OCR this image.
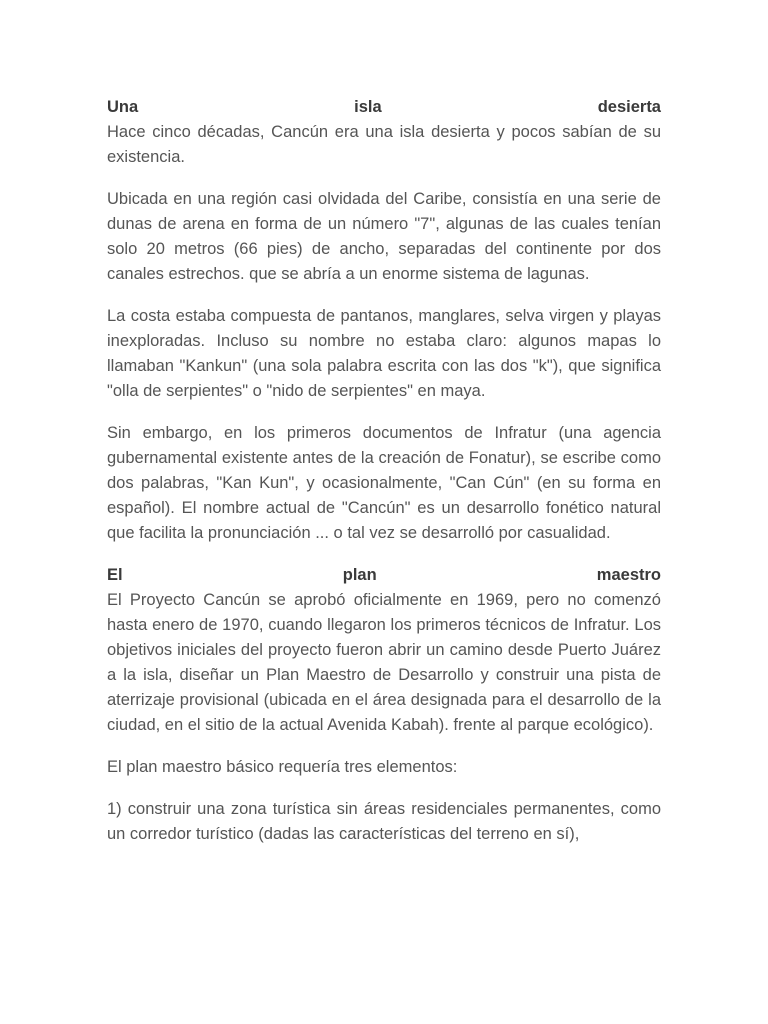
Una	isla	desierta

Hace cinco décadas, Cancún era una isla desierta y pocos sabían de su existencia.

Ubicada en una región casi olvidada del Caribe, consistía en una serie de dunas de arena en forma de un número "7", algunas de las cuales tenían solo 20 metros (66 pies) de ancho, separadas del continente por dos canales estrechos. que se abría a un enorme sistema de lagunas.

La costa estaba compuesta de pantanos, manglares, selva virgen y playas inexploradas. Incluso su nombre no estaba claro: algunos mapas lo llamaban "Kankun" (una sola palabra escrita con las dos "k"), que significa "olla de serpientes" o "nido de serpientes" en maya.

Sin embargo, en los primeros documentos de Infratur (una agencia gubernamental existente antes de la creación de Fonatur), se escribe como dos palabras, "Kan Kun", y ocasionalmente, "Can Cún" (en su forma en español). El nombre actual de "Cancún" es un desarrollo fonético natural que facilita la pronunciación ... o tal vez se desarrolló por casualidad.

El	plan	maestro

El Proyecto Cancún se aprobó oficialmente en 1969, pero no comenzó hasta enero de 1970, cuando llegaron los primeros técnicos de Infratur. Los objetivos iniciales del proyecto fueron abrir un camino desde Puerto Juárez a la isla, diseñar un Plan Maestro de Desarrollo y construir una pista de aterrizaje provisional (ubicada en el área designada para el desarrollo de la ciudad, en el sitio de la actual Avenida Kabah). frente al parque ecológico).

El plan maestro básico requería tres elementos:

1) construir una zona turística sin áreas residenciales permanentes, como un corredor turístico (dadas las características del terreno en sí),
